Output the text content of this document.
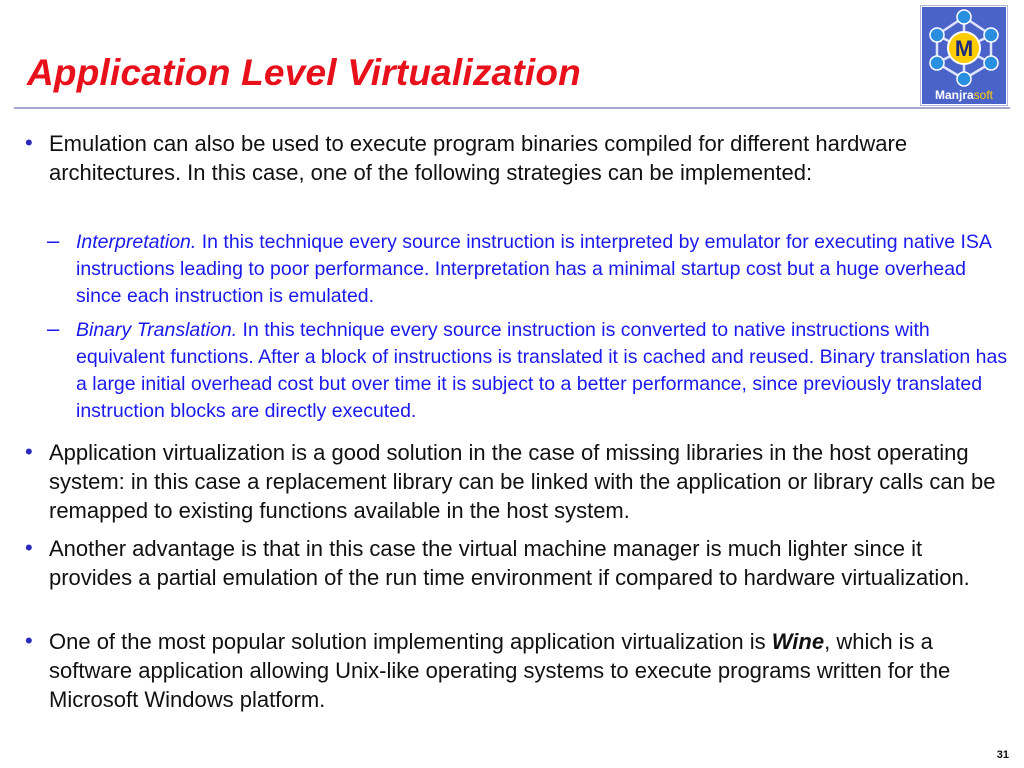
Application Level Virtualization
M
Manjrasoft
• Emulation can also be used to execute program binaries compiled for different hardware architectures. In this case, one of the following strategies can be implemented:
– Interpretation. In this technique every source instruction is interpreted by emulator for executing native ISA instructions leading to poor performance. Interpretation has a minimal startup cost but a huge overhead since each instruction is emulated.
– Binary Translation. In this technique every source instruction is converted to native instructions with equivalent functions. After a block of instructions is translated it is cached and reused. Binary translation has a large initial overhead cost but over time it is subject to a better performance, since previously translated instruction blocks are directly executed.
• Application virtualization is a good solution in the case of missing libraries in the host operating system: in this case a replacement library can be linked with the application or library calls can be remapped to existing functions available in the host system.
• Another advantage is that in this case the virtual machine manager is much lighter since it provides a partial emulation of the run time environment if compared to hardware virtualization.
• One of the most popular solution implementing application virtualization is Wine, which is a software application allowing Unix-like operating systems to execute programs written for the Microsoft Windows platform.
31
